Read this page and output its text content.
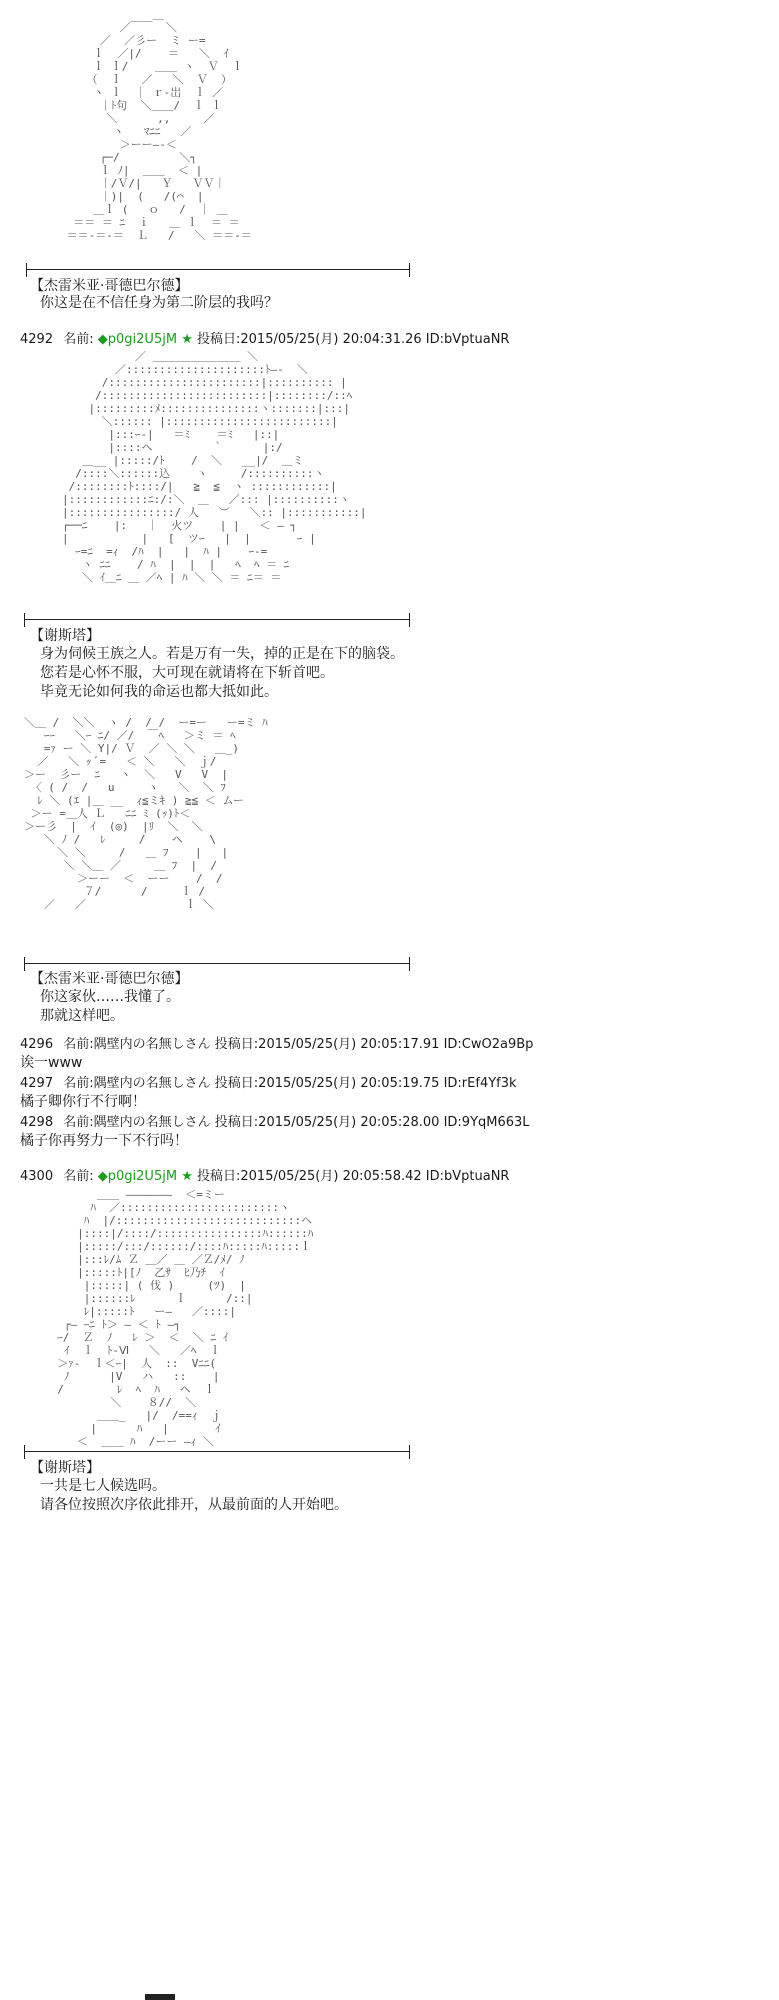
＿
／￣￣  ＼
／  ／彡ー  ミ ー=
ｌ  ／|/    ＝   ＼  ｲ
ｌ ｌ/    ＿＿ ヽ  Ｖ  ｌ
（  ｌ   ／   ＼  Ｖ  ）
ヽ ｌ  ｜ ｒ-岀  ｌ ／
｜ﾄ句  ＼＿＿/  ｌ ｌ
＼      ,,     ／
ヽ   ﾏﾆﾆ   ／
＞ーー―‐＜
┌─/         ＼┐
ｌ ﾉ|  ＿＿  ＜ |
｜/Ｖ/|   Ｙ   ＶＶ｜
｜)|  (   /(⌒  |
＿ｌ (   ｏ   /  ｜ ＿
＝＝ ＝ ﾆ  ｉ   ＿ ｌ  ＝ ＝
＝＝-＝-＝  Ｌ   /   ＼ ＝＝-＝
【杰雷米亚·哥德巴尔德】
你这是在不信任身为第二阶层的我吗？
4292 名前: ◆p0gi2U5jM ★ 投稿日:2015/05/25(月) 20:04:31.26 ID:bVptuaNR
／ ＿＿＿＿＿＿＿＿ ＼
／:::::::::::::::::::::ﾄ―‐  ＼
/:::::::::::::::::::::::|:::::::::: |
/:::::::::::::::::::::::::|::::::::/::ﾍ
|:::::::::ﾒ:::::::::::::::ヽ:::::::|:::|
＼:::::: |:::::::::::::::::::::::::|
|:::ｰ-|   ＝ﾐ    ＝ﾐ   |::|
|::::ヘ         ｀      |:/
＿__ |:::::/ﾄ    /  ＼   __|/  ＿ミ
/::::＼::::::込    ヽ     /::::::::::ヽ
/::::::::ﾄ::::/|   ≧  ≦  ヽ ::::::::::::|
|::::::::::::ﾆ:/:＼  ＿   ／::: |::::::::::ヽ
|::::::::::::::::/ 人   ︶   ＼:: |:::::::::::|
┌──ﾆ    |:   ｜  火ツ    | |   ＜ ― ┐
|           |   [  ツｰ   |  |       ｰ |
ｰ=ﾆ  =ｨ  /ﾊ  |   |  ﾊ |    ｰ-=
ヽ ﾆﾆ    / ﾊ  |  |  |   ﾍ  ﾍ ＝ ﾆ
＼ ｲ＿ﾆ ＿ ／ﾍ | ﾊ ＼ ＼ ＝ ﾆ＝ ＝
【谢斯塔】
身为伺候王族之人。若是万有一失，掉的正是在下的脑袋。
您若是心怀不服，大可现在就请将在下斩首吧。
毕竟无论如何我的命运也都大抵如此。
＼＿ /  ＼＼  ヽ /  / /  ー=ー   ー=ミ ﾊ
ｰｰ   ＼ｰ ﾆ/ ／/  ￣ﾍ   ＞ミ ＝ ﾍ
=ｧ ー ＼ Y|/ Ｖ  ／ ＼ ＼   ＿_)
／   ＼ ｯ ﾞ=   ＜ ＼   ＼  ｊ/
＞ー  彡ー  ﾆ   ヽ  ＼   V   V  |
〈 ( /  /   u     ヽ   ＼  ＼ ﾌ
ﾚ ＼ (ｴ |＿ __  ｨ≦ミｷ ) ≧≦ ＜ ムー
＞ー =＿人 Ｌ   ﾆﾆ ﾐ (ｯ)ﾄ＜
＞ー彡  |  ｲ  (◎)  |ﾘ  ＼  ＼
＼ ﾉ /   ﾚ     /    ヘ    \
＼ ＼     /   ＿ ﾌ    |   |
＼ ＼＿ ／     ＿ ﾌ  |  /
＞ーー  ＜  ーー    /  /
７/      /     ｌ /
／   ／               ｌ ＼
【杰雷米亚·哥德巴尔德】
你这家伙……我懂了。
那就这样吧。
4296 名前:隅壁内の名無しさん 投稿日:2015/05/25(月) 20:05:17.91 ID:CwO2a9Bp
诶一www
4297 名前:隅壁内の名無しさん 投稿日:2015/05/25(月) 20:05:19.75 ID:rEf4Yf3k
橘子卿你行不行啊！
4298 名前:隅壁内の名無しさん 投稿日:2015/05/25(月) 20:05:28.00 ID:9YqM663L
橘子你再努力一下不行吗！
4300 名前: ◆p0gi2U5jM ★ 投稿日:2015/05/25(月) 20:05:58.42 ID:bVptuaNR
＿＿ ―――――――  ＜=ミー
ﾊ  ／::::::::::::::::::::::::ヽ
ﾊ  |/::::::::::::::::::::::::::::ヘ
|::::|/::::/::::::::::::::::ﾊ::::::ﾊ
|:::::/:::/::::::/::::ﾊ:::::ﾊ:::::ｌ
|:::ﾚ/ﾑ Ｚ ＿／ ＿ ／Ｚ/ﾒ/ ﾉ
|:::::ﾄ|[ﾉ  乙ｻ  ﾋ乃ﾁ  ｲ
|:::::| ( 伐 )     (ﾂ)  |
|::::::ﾚ      ｌ      /::|
ﾚ|:::::ﾄ   ー―   ／::::|
┌― ｰﾆ ﾄ＞ ― ＜ ﾄ ―┐
ｰ/  Ｚ  ﾉ   ﾚ ＞  ＜  ＼ ﾆ ｲ
ｲ  ｌ  ﾄ-Ⅵ   ＼   ／ﾍ  ｌ
＞ｧ-  ｌ＜ｰ|  人  ::  Vﾆﾆ(
ﾉ      |V   ハ   ::    |
/        ﾚ  ﾍ  ﾊ   ヘ  ｌ
＼    ８//  ＼
＿＿_   |/  /==ｨ  ｊ
|      ﾊ   |       ｲ
＜  ＿＿ ﾊ  /ーー ―ｨ ＼
【谢斯塔】
一共是七人候选吗。
请各位按照次序依此排开，从最前面的人开始吧。
